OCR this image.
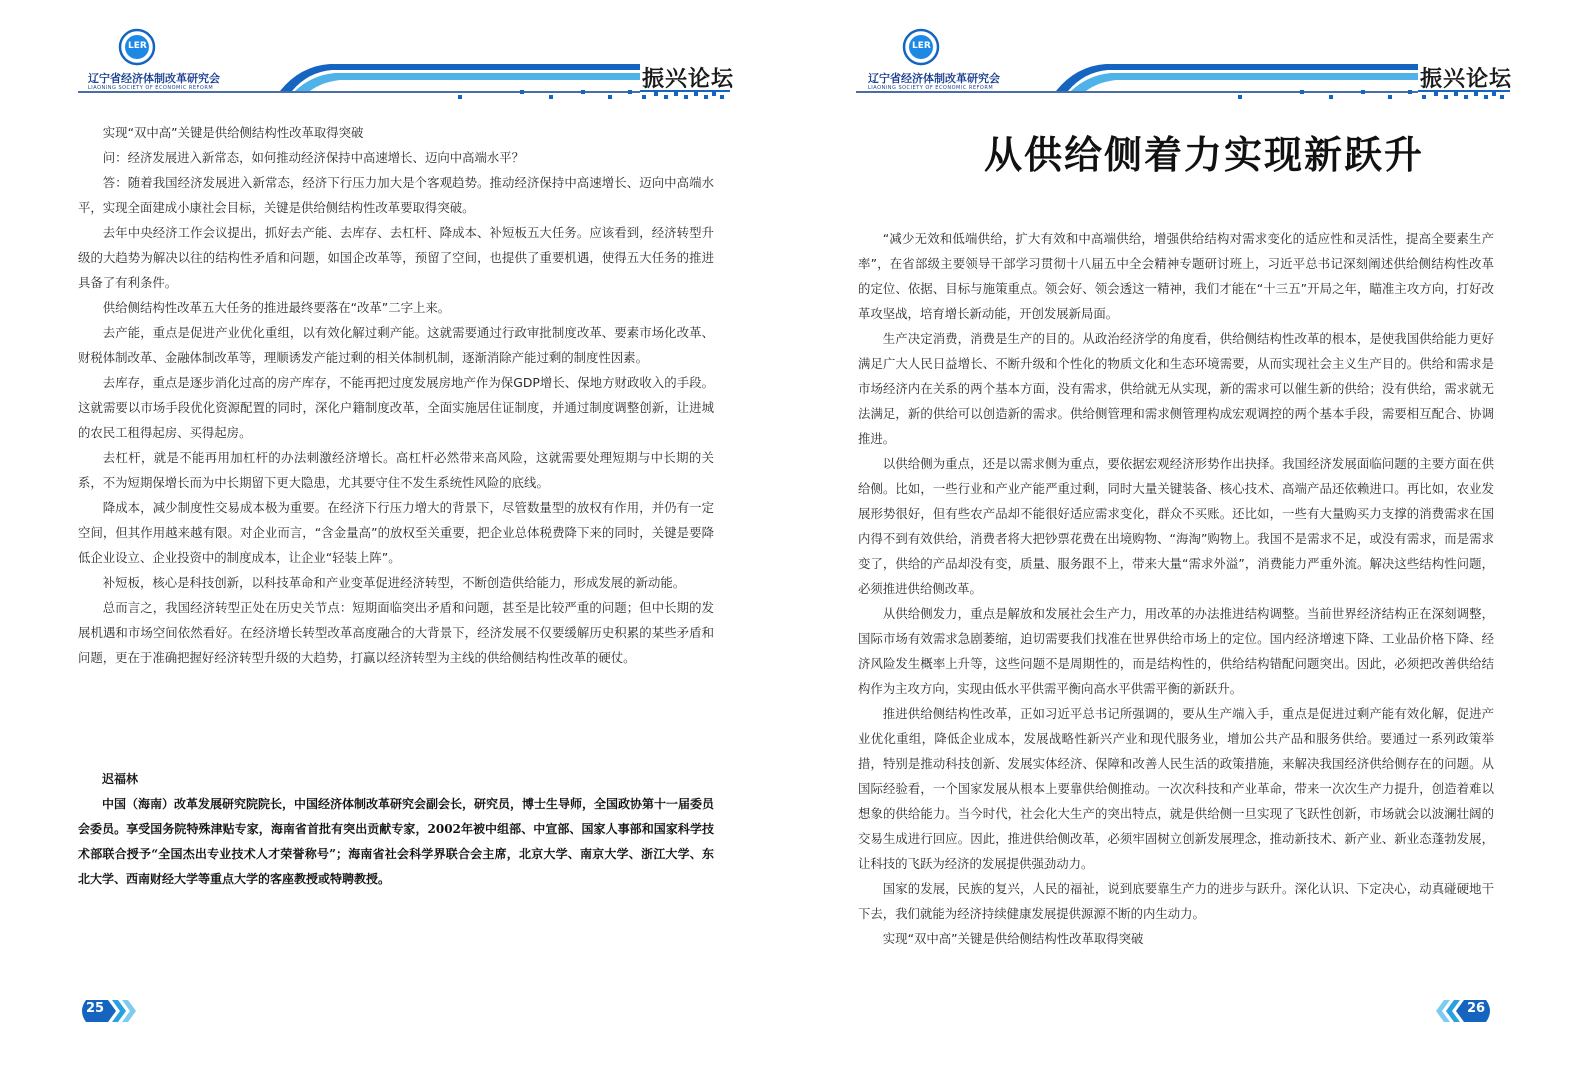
LER
辽宁省经济体制改革研究会
LIAONING SOCIETY OF ECONOMIC REFORM	振兴论坛

实现“双中高”关键是供给侧结构性改革取得突破

问：经济发展进入新常态，如何推动经济保持中高速增长、迈向中高端水平？

答：随着我国经济发展进入新常态，经济下行压力加大是个客观趋势。推动经济保持中高速增长、迈向中高端水平，实现全面建成小康社会目标，关键是供给侧结构性改革要取得突破。

去年中央经济工作会议提出，抓好去产能、去库存、去杠杆、降成本、补短板五大任务。应该看到，经济转型升级的大趋势为解决以往的结构性矛盾和问题，如国企改革等，预留了空间，也提供了重要机遇，使得五大任务的推进具备了有利条件。

供给侧结构性改革五大任务的推进最终要落在“改革”二字上来。

去产能，重点是促进产业优化重组，以有效化解过剩产能。这就需要通过行政审批制度改革、要素市场化改革、财税体制改革、金融体制改革等，理顺诱发产能过剩的相关体制机制，逐渐消除产能过剩的制度性因素。

去库存，重点是逐步消化过高的房产库存，不能再把过度发展房地产作为保GDP增长、保地方财政收入的手段。这就需要以市场手段优化资源配置的同时，深化户籍制度改革，全面实施居住证制度，并通过制度调整创新，让进城的农民工租得起房、买得起房。

去杠杆，就是不能再用加杠杆的办法刺激经济增长。高杠杆必然带来高风险，这就需要处理短期与中长期的关系，不为短期保增长而为中长期留下更大隐患，尤其要守住不发生系统性风险的底线。

降成本，减少制度性交易成本极为重要。在经济下行压力增大的背景下，尽管数量型的放权有作用，并仍有一定空间，但其作用越来越有限。对企业而言，“含金量高”的放权至关重要，把企业总体税费降下来的同时，关键是要降低企业设立、企业投资中的制度成本，让企业“轻装上阵”。

补短板，核心是科技创新，以科技革命和产业变革促进经济转型，不断创造供给能力，形成发展的新动能。

总而言之，我国经济转型正处在历史关节点：短期面临突出矛盾和问题，甚至是比较严重的问题；但中长期的发展机遇和市场空间依然看好。在经济增长转型改革高度融合的大背景下，经济发展不仅要缓解历史积累的某些矛盾和问题，更在于准确把握好经济转型升级的大趋势，打赢以经济转型为主线的供给侧结构性改革的硬仗。

迟福林
中国（海南）改革发展研究院院长，中国经济体制改革研究会副会长，研究员，博士生导师，全国政协第十一届委员会委员。享受国务院特殊津贴专家，海南省首批有突出贡献专家，2002年被中组部、中宣部、国家人事部和国家科学技术部联合授予“全国杰出专业技术人才荣誉称号”；海南省社会科学界联合会主席，北京大学、南京大学、浙江大学、东北大学、西南财经大学等重点大学的客座教授或特聘教授。
25
LER
辽宁省经济体制改革研究会
LIAONING SOCIETY OF ECONOMIC REFORM	振兴论坛
从供给侧着力实现新跃升

“减少无效和低端供给，扩大有效和中高端供给，增强供给结构对需求变化的适应性和灵活性，提高全要素生产率”，在省部级主要领导干部学习贯彻十八届五中全会精神专题研讨班上，习近平总书记深刻阐述供给侧结构性改革的定位、依据、目标与施策重点。领会好、领会透这一精神，我们才能在“十三五”开局之年，瞄准主攻方向，打好改革攻坚战，培育增长新动能，开创发展新局面。

生产决定消费，消费是生产的目的。从政治经济学的角度看，供给侧结构性改革的根本，是使我国供给能力更好满足广大人民日益增长、不断升级和个性化的物质文化和生态环境需要，从而实现社会主义生产目的。供给和需求是市场经济内在关系的两个基本方面，没有需求，供给就无从实现，新的需求可以催生新的供给；没有供给，需求就无法满足，新的供给可以创造新的需求。供给侧管理和需求侧管理构成宏观调控的两个基本手段，需要相互配合、协调推进。

以供给侧为重点，还是以需求侧为重点，要依据宏观经济形势作出抉择。我国经济发展面临问题的主要方面在供给侧。比如，一些行业和产业产能严重过剩，同时大量关键装备、核心技术、高端产品还依赖进口。再比如，农业发展形势很好，但有些农产品却不能很好适应需求变化，群众不买账。还比如，一些有大量购买力支撑的消费需求在国内得不到有效供给，消费者将大把钞票花费在出境购物、“海淘”购物上。我国不是需求不足，或没有需求，而是需求变了，供给的产品却没有变，质量、服务跟不上，带来大量“需求外溢”，消费能力严重外流。解决这些结构性问题，必须推进供给侧改革。

从供给侧发力，重点是解放和发展社会生产力，用改革的办法推进结构调整。当前世界经济结构正在深刻调整，国际市场有效需求急剧萎缩，迫切需要我们找准在世界供给市场上的定位。国内经济增速下降、工业品价格下降、经济风险发生概率上升等，这些问题不是周期性的，而是结构性的，供给结构错配问题突出。因此，必须把改善供给结构作为主攻方向，实现由低水平供需平衡向高水平供需平衡的新跃升。

推进供给侧结构性改革，正如习近平总书记所强调的，要从生产端入手，重点是促进过剩产能有效化解，促进产业优化重组，降低企业成本，发展战略性新兴产业和现代服务业，增加公共产品和服务供给。要通过一系列政策举措，特别是推动科技创新、发展实体经济、保障和改善人民生活的政策措施，来解决我国经济供给侧存在的问题。从国际经验看，一个国家发展从根本上要靠供给侧推动。一次次科技和产业革命，带来一次次生产力提升，创造着难以想象的供给能力。当今时代，社会化大生产的突出特点，就是供给侧一旦实现了飞跃性创新，市场就会以波澜壮阔的交易生成进行回应。因此，推进供给侧改革，必须牢固树立创新发展理念，推动新技术、新产业、新业态蓬勃发展，让科技的飞跃为经济的发展提供强劲动力。

国家的发展，民族的复兴，人民的福祉，说到底要靠生产力的进步与跃升。深化认识、下定决心，动真碰硬地干下去，我们就能为经济持续健康发展提供源源不断的内生动力。

实现“双中高”关键是供给侧结构性改革取得突破

26
